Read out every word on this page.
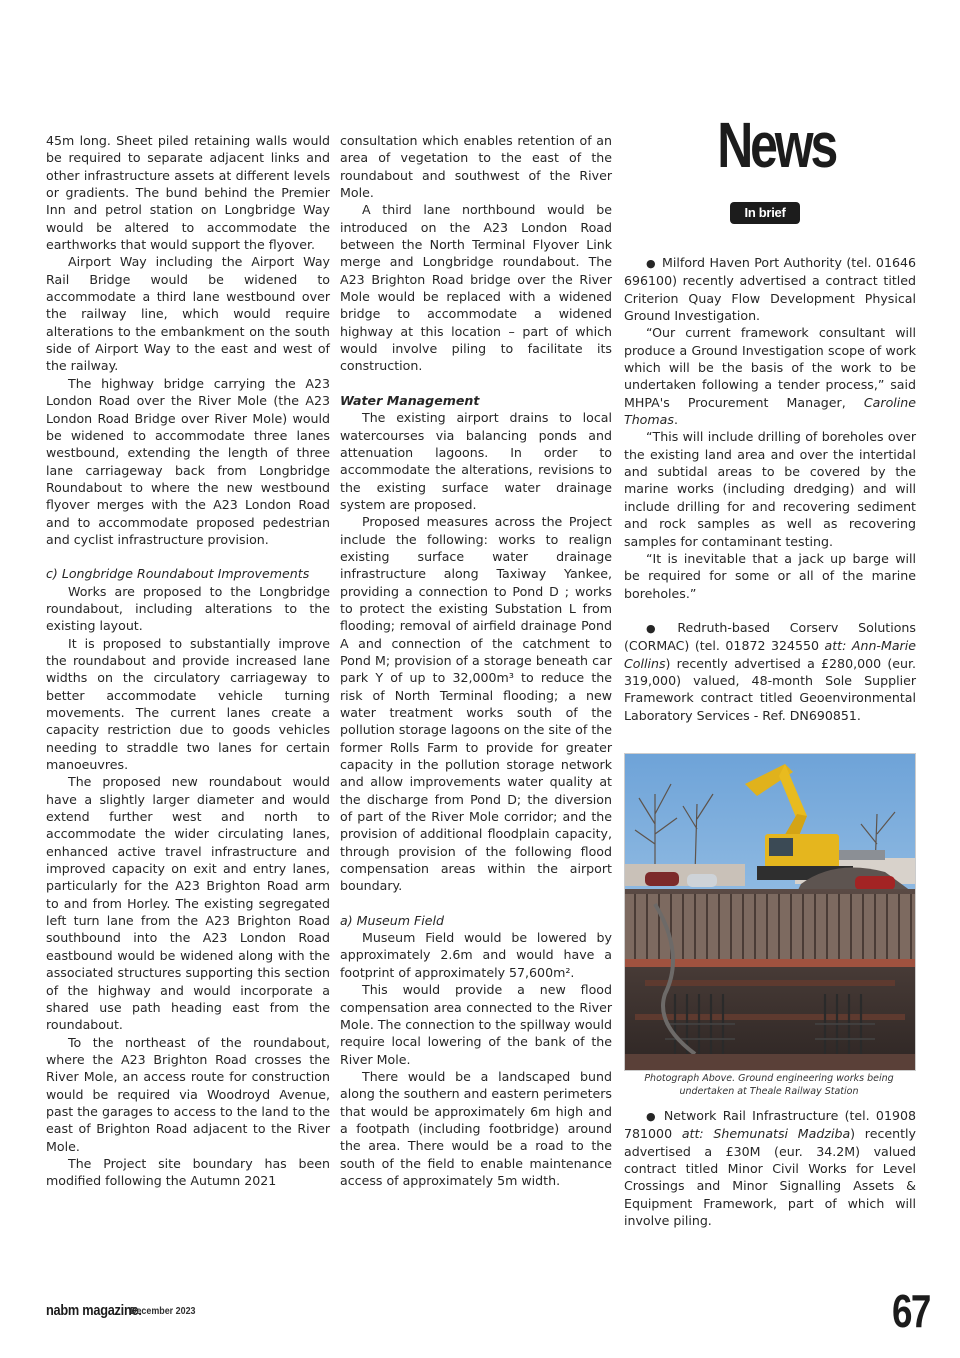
News
In brief

45m long. Sheet piled retaining walls would be required to separate adjacent links and other infrastructure assets at different levels or gradients. The bund behind the Premier Inn and petrol station on Longbridge Way would be altered to accommodate the earthworks that would support the flyover.

Airport Way including the Airport Way Rail Bridge would be widened to accommodate a third lane westbound over the railway line, which would require alterations to the embankment on the south side of Airport Way to the east and west of the railway.

The highway bridge carrying the A23 London Road over the River Mole (the A23 London Road Bridge over River Mole) would be widened to accommodate three lanes westbound, extending the length of three lane carriageway back from Longbridge Roundabout to where the new westbound flyover merges with the A23 London Road and to accommodate proposed pedestrian and cyclist infrastructure provision.

c) Longbridge Roundabout Improvements

Works are proposed to the Longbridge roundabout, including alterations to the existing layout.

It is proposed to substantially improve the roundabout and provide increased lane widths on the circulatory carriageway to better accommodate vehicle turning movements. The current lanes create a capacity restriction due to goods vehicles needing to straddle two lanes for certain manoeuvres.

The proposed new roundabout would have a slightly larger diameter and would extend further west and north to accommodate the wider circulating lanes, enhanced active travel infrastructure and improved capacity on exit and entry lanes, particularly for the A23 Brighton Road arm to and from Horley. The existing segregated left turn lane from the A23 Brighton Road southbound into the A23 London Road eastbound would be widened along with the associated structures supporting this section of the highway and would incorporate a shared use path heading east from the roundabout.

To the northeast of the roundabout, where the A23 Brighton Road crosses the River Mole, an access route for construction would be required via Woodroyd Avenue, past the garages to access to the land to the east of Brighton Road adjacent to the River Mole.

The Project site boundary has been modified following the Autumn 2021

consultation which enables retention of an area of vegetation to the east of the roundabout and southwest of the River Mole.

A third lane northbound would be introduced on the A23 London Road between the North Terminal Flyover Link merge and Longbridge roundabout. The A23 Brighton Road bridge over the River Mole would be replaced with a widened bridge to accommodate a widened highway at this location – part of which would involve piling to facilitate its construction.

Water Management

The existing airport drains to local watercourses via balancing ponds and attenuation lagoons. In order to accommodate the alterations, revisions to the existing surface water drainage system are proposed.

Proposed measures across the Project include the following: works to realign existing surface water drainage infrastructure along Taxiway Yankee, providing a connection to Pond D ; works to protect the existing Substation L from flooding; removal of airfield drainage Pond A and connection of the catchment to Pond M; provision of a storage beneath car park Y of up to 32,000m³ to reduce the risk of North Terminal flooding; a new water treatment works south of the pollution storage lagoons on the site of the former Rolls Farm to provide for greater capacity in the pollution storage network and allow improvements water quality at the discharge from Pond D; the diversion of part of the River Mole corridor; and the provision of additional floodplain capacity, through provision of the following flood compensation areas within the airport boundary.

a) Museum Field

Museum Field would be lowered by approximately 2.6m and would have a footprint of approximately 57,600m².

This would provide a new flood compensation area connected to the River Mole. The connection to the spillway would require local lowering of the bank of the River Mole.

There would be a landscaped bund along the southern and eastern perimeters that would be approximately 6m high and a footpath (including footbridge) around the area. There would be a road to the south of the field to enable maintenance access of approximately 5m width.

● Milford Haven Port Authority (tel. 01646 696100) recently advertised a contract titled Criterion Quay Flow Development Physical Ground Investigation.

“Our current framework consultant will produce a Ground Investigation scope of work which will be the basis of the work to be undertaken following a tender process,” said MHPA's Procurement Manager, Caroline Thomas.

“This will include drilling of boreholes over the existing land area and over the intertidal and subtidal areas to be covered by the marine works (including dredging) and will include drilling for and recovering sediment and rock samples as well as recovering samples for contaminant testing.

“It is inevitable that a jack up barge will be required for some or all of the marine boreholes.”

● Redruth-based Corserv Solutions (CORMAC) (tel. 01872 324550 att: Ann-Marie Collins) recently advertised a £280,000 (eur. 319,000) valued, 48-month Sole Supplier Framework contract titled Geoenvironmental Laboratory Services - Ref. DN690851.

Photograph Above. Ground engineering works being undertaken at Theale Railway Station

● Network Rail Infrastructure (tel. 01908 781000 att: Shemunatsi Madziba) recently advertised a £30M (eur. 34.2M) valued contract titled Minor Civil Works for Level Crossings and Minor Signalling Assets & Equipment Framework, part of which will involve piling.

nabm magazine.
December 2023	67
